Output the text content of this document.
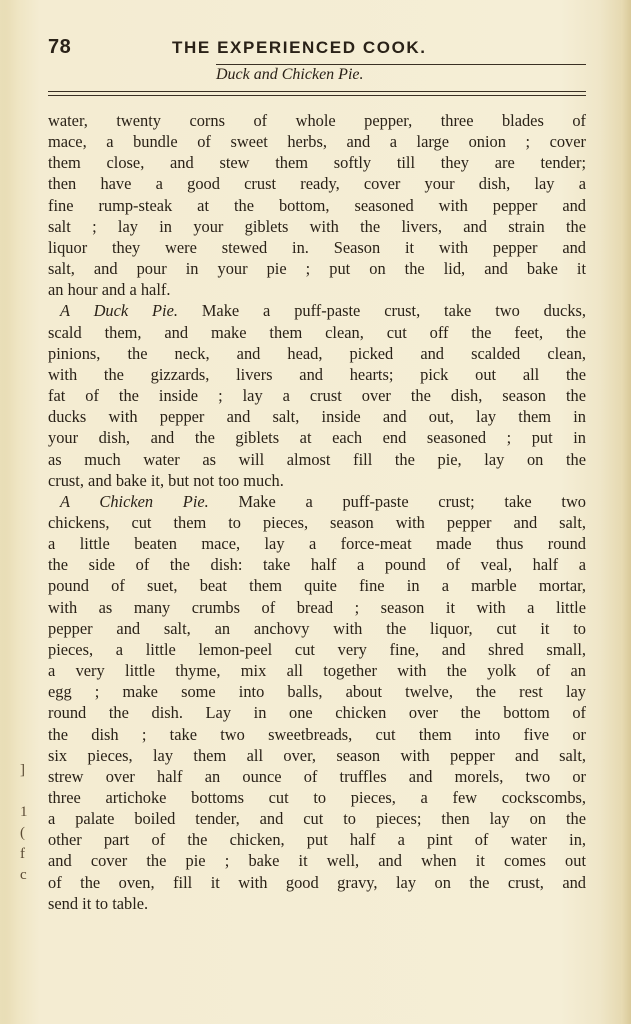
78	THE EXPERIENCED COOK.
Duck and Chicken Pie.
water, twenty corns of whole pepper, three blades of
mace, a bundle of sweet herbs, and a large onion ; cover
them close, and stew them softly till they are tender;
then have a good crust ready, cover your dish, lay a
fine rump-steak at the bottom, seasoned with pepper and
salt ; lay in your giblets with the livers, and strain the
liquor they were stewed in. Season it with pepper and
salt, and pour in your pie ; put on the lid, and bake it
an hour and a half.
A Duck Pie. Make a puff-paste crust, take two ducks,
scald them, and make them clean, cut off the feet, the
pinions, the neck, and head, picked and scalded clean,
with the gizzards, livers and hearts; pick out all the
fat of the inside ; lay a crust over the dish, season the
ducks with pepper and salt, inside and out, lay them in
your dish, and the giblets at each end seasoned ; put in
as much water as will almost fill the pie, lay on the
crust, and bake it, but not too much.
A Chicken Pie. Make a puff-paste crust; take two
chickens, cut them to pieces, season with pepper and salt,
a little beaten mace, lay a force-meat made thus round
the side of the dish: take half a pound of veal, half a
pound of suet, beat them quite fine in a marble mortar,
with as many crumbs of bread ; season it with a little
pepper and salt, an anchovy with the liquor, cut it to
pieces, a little lemon-peel cut very fine, and shred small,
a very little thyme, mix all together with the yolk of an
egg ; make some into balls, about twelve, the rest lay
round the dish. Lay in one chicken over the bottom of
the dish ; take two sweetbreads, cut them into five or
six pieces, lay them all over, season with pepper and salt,
strew over half an ounce of truffles and morels, two or
three artichoke bottoms cut to pieces, a few cockscombs,
a palate boiled tender, and cut to pieces; then lay on the
other part of the chicken, put half a pint of water in,
and cover the pie ; bake it well, and when it comes out
of the oven, fill it with good gravy, lay on the crust, and
send it to table.
]

1
(
f
c
